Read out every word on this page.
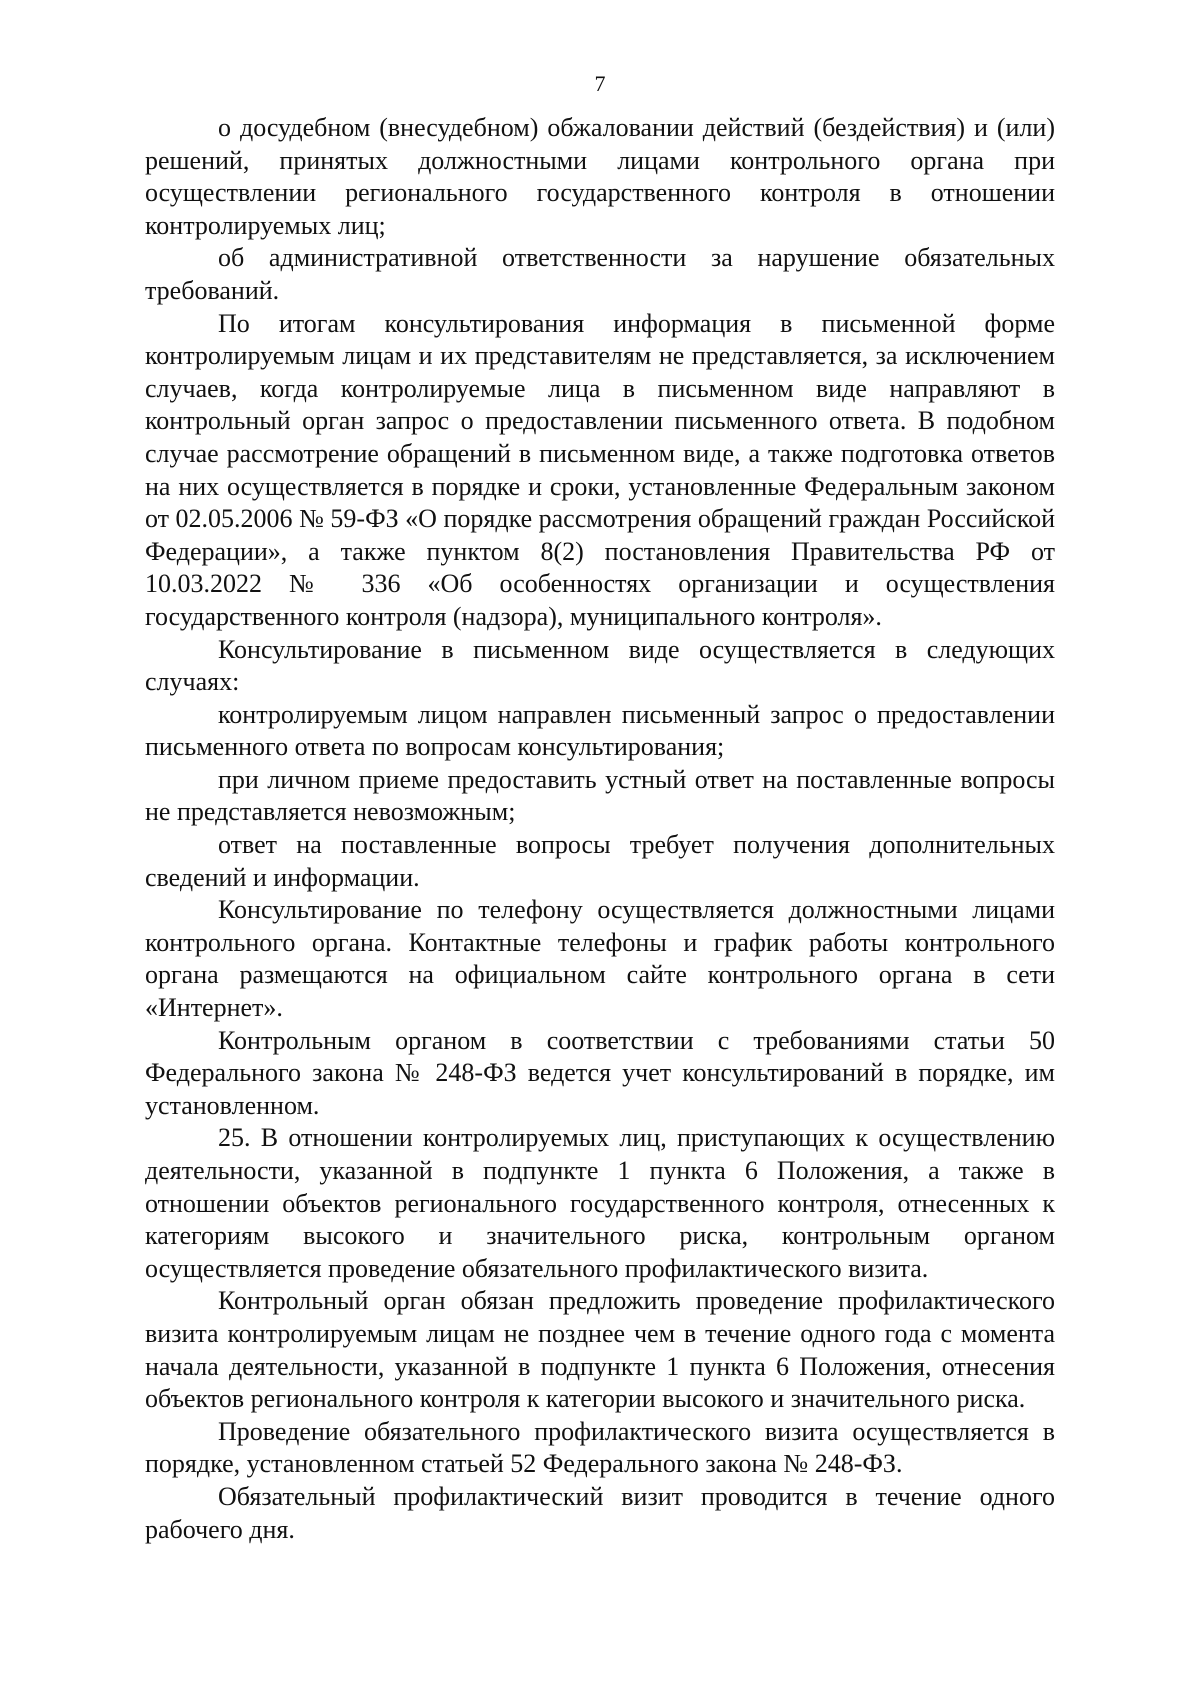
7

о досудебном (внесудебном) обжаловании действий (бездействия) и (или) решений, принятых должностными лицами контрольного органа при осуществлении регионального государственного контроля в отношении контролируемых лиц;

об административной ответственности за нарушение обязательных требований.

По итогам консультирования информация в письменной форме контролируемым лицам и их представителям не представляется, за исключением случаев, когда контролируемые лица в письменном виде направляют в контрольный орган запрос о предоставлении письменного ответа. В подобном случае рассмотрение обращений в письменном виде, а также подготовка ответов на них осуществляется в порядке и сроки, установленные Федеральным законом от 02.05.2006 № 59-ФЗ «О порядке рассмотрения обращений граждан Российской Федерации», а также пунктом 8(2) постановления Правительства РФ от 10.03.2022 № 336 «Об особенностях организации и осуществления государственного контроля (надзора), муниципального контроля».

Консультирование в письменном виде осуществляется в следующих случаях:

контролируемым лицом направлен письменный запрос о предоставлении письменного ответа по вопросам консультирования;

при личном приеме предоставить устный ответ на поставленные вопросы не представляется невозможным;

ответ на поставленные вопросы требует получения дополнительных сведений и информации.

Консультирование по телефону осуществляется должностными лицами контрольного органа. Контактные телефоны и график работы контрольного органа размещаются на официальном сайте контрольного органа в сети «Интернет».

Контрольным органом в соответствии с требованиями статьи 50 Федерального закона № 248-ФЗ ведется учет консультирований в порядке, им установленном.

25. В отношении контролируемых лиц, приступающих к осуществлению деятельности, указанной в подпункте 1 пункта 6 Положения, а также в отношении объектов регионального государственного контроля, отнесенных к категориям высокого и значительного риска, контрольным органом осуществляется проведение обязательного профилактического визита.

Контрольный орган обязан предложить проведение профилактического визита контролируемым лицам не позднее чем в течение одного года с момента начала деятельности, указанной в подпункте 1 пункта 6 Положения, отнесения объектов регионального контроля к категории высокого и значительного риска.

Проведение обязательного профилактического визита осуществляется в порядке, установленном статьей 52 Федерального закона № 248-ФЗ.

Обязательный профилактический визит проводится в течение одного рабочего дня.
